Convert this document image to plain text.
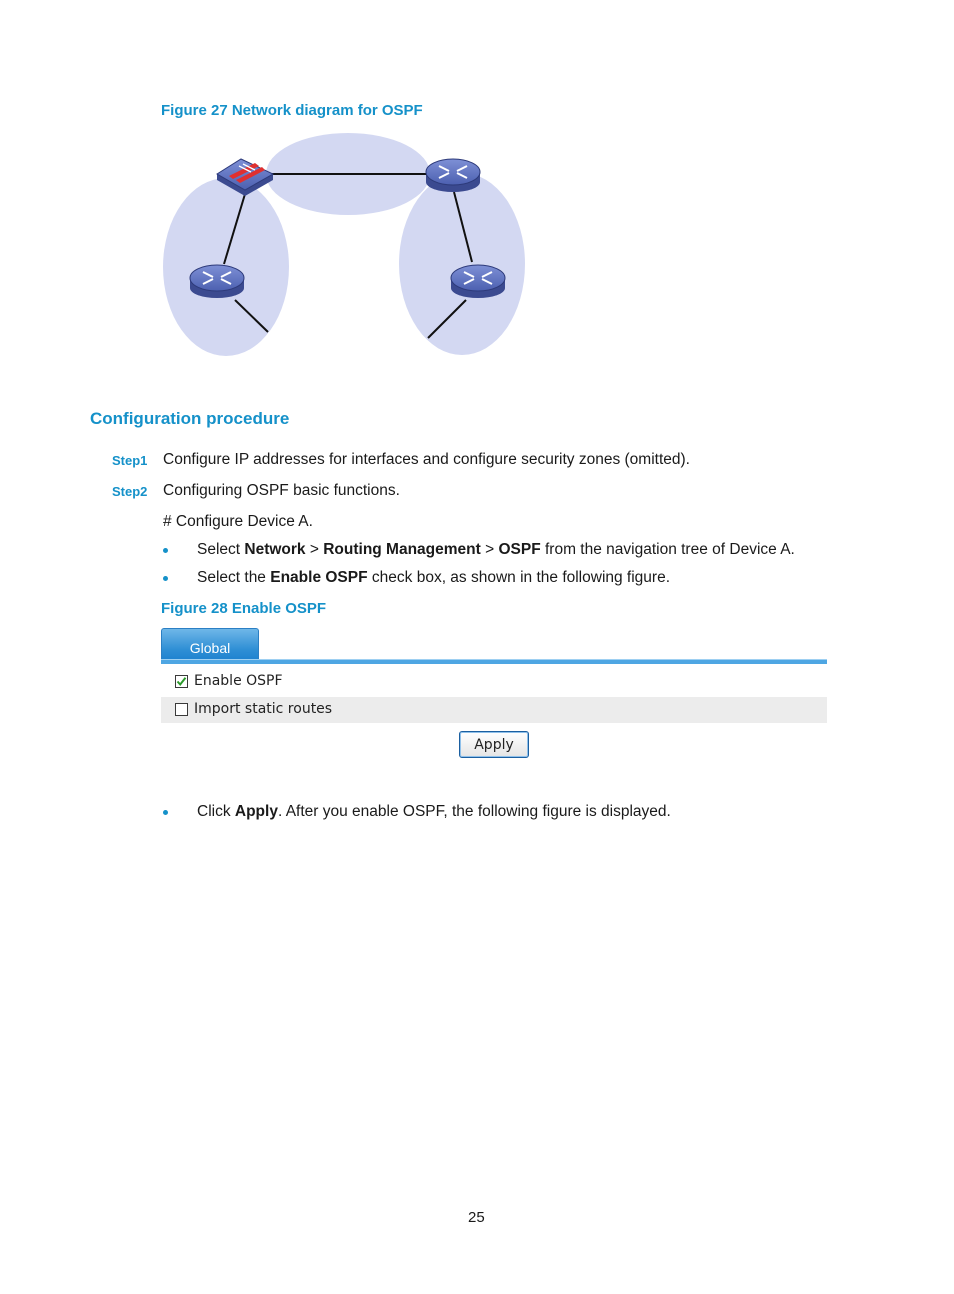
Figure 27 Network diagram for OSPF
Configuration procedure
Step1 Configure IP addresses for interfaces and configure security zones (omitted).
Step2 Configuring OSPF basic functions.
# Configure Device A.
Select Network > Routing Management > OSPF from the navigation tree of Device A.
Select the Enable OSPF check box, as shown in the following figure.
Figure 28 Enable OSPF
Global
Enable OSPF
Import static routes
Apply
Click Apply. After you enable OSPF, the following figure is displayed.
25
